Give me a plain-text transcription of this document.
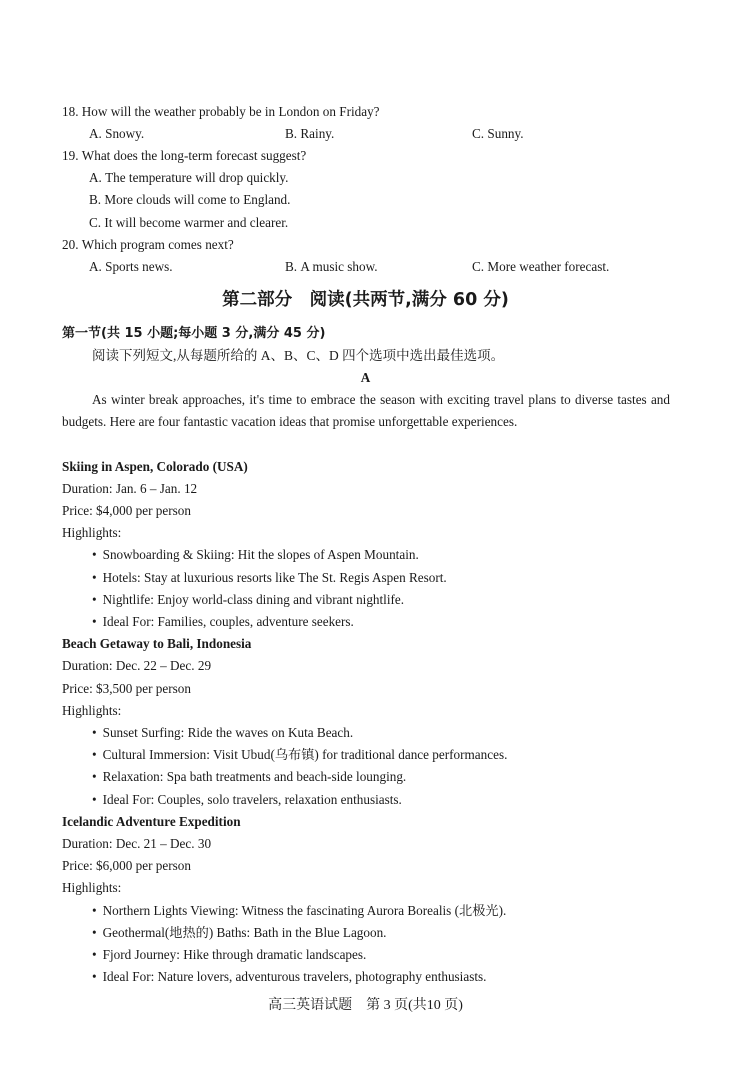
18. How will the weather probably be in London on Friday?
A. Snowy.	B. Rainy.	C. Sunny.
19. What does the long-term forecast suggest?
A. The temperature will drop quickly.
B. More clouds will come to England.
C. It will become warmer and clearer.
20. Which program comes next?
A. Sports news.	B. A music show.	C. More weather forecast.
第二部分　阅读(共两节,满分 60 分)
第一节(共 15 小题;每小题 3 分,满分 45 分)
阅读下列短文,从每题所给的 A、B、C、D 四个选项中选出最佳选项。
A
As winter break approaches, it's time to embrace the season with exciting travel plans to diverse tastes and budgets. Here are four fantastic vacation ideas that promise unforgettable experiences.
Skiing in Aspen, Colorado (USA)
Duration: Jan. 6 – Jan. 12
Price: $4,000 per person
Highlights:
• Snowboarding & Skiing: Hit the slopes of Aspen Mountain.
• Hotels: Stay at luxurious resorts like The St. Regis Aspen Resort.
• Nightlife: Enjoy world-class dining and vibrant nightlife.
• Ideal For: Families, couples, adventure seekers.
Beach Getaway to Bali, Indonesia
Duration: Dec. 22 – Dec. 29
Price: $3,500 per person
Highlights:
• Sunset Surfing: Ride the waves on Kuta Beach.
• Cultural Immersion: Visit Ubud(乌布镇) for traditional dance performances.
• Relaxation: Spa bath treatments and beach-side lounging.
• Ideal For: Couples, solo travelers, relaxation enthusiasts.
Icelandic Adventure Expedition
Duration: Dec. 21 – Dec. 30
Price: $6,000 per person
Highlights:
• Northern Lights Viewing: Witness the fascinating Aurora Borealis (北极光).
• Geothermal(地热的) Baths: Bath in the Blue Lagoon.
• Fjord Journey: Hike through dramatic landscapes.
• Ideal For: Nature lovers, adventurous travelers, photography enthusiasts.
高三英语试题　第 3 页(共10 页)
